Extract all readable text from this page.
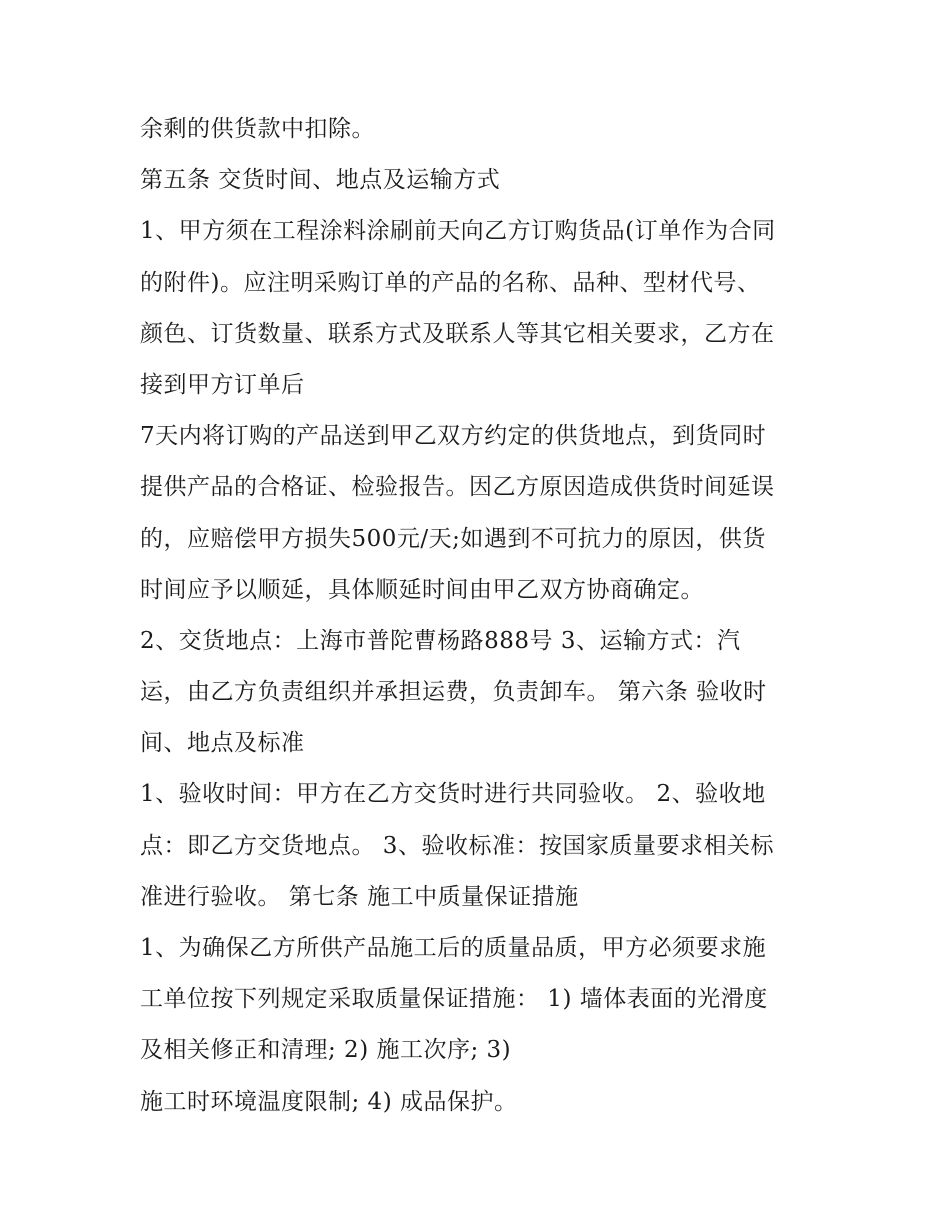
余剩的供货款中扣除。
第五条 交货时间、地点及运输方式
1、甲方须在工程涂料涂刷前天向乙方订购货品(订单作为合同
的附件)。应注明采购订单的产品的名称、品种、型材代号、
颜色、订货数量、联系方式及联系人等其它相关要求，乙方在
接到甲方订单后
7天内将订购的产品送到甲乙双方约定的供货地点，到货同时
提供产品的合格证、检验报告。因乙方原因造成供货时间延误
的，应赔偿甲方损失500元/天;如遇到不可抗力的原因，供货
时间应予以顺延，具体顺延时间由甲乙双方协商确定。
2、交货地点：上海市普陀曹杨路888号 3、运输方式：汽
运，由乙方负责组织并承担运费，负责卸车。 第六条 验收时
间、地点及标准
1、验收时间：甲方在乙方交货时进行共同验收。 2、验收地
点：即乙方交货地点。 3、验收标准：按国家质量要求相关标
准进行验收。 第七条 施工中质量保证措施
1、为确保乙方所供产品施工后的质量品质，甲方必须要求施
工单位按下列规定采取质量保证措施： 1) 墙体表面的光滑度
及相关修正和清理; 2) 施工次序; 3)
施工时环境温度限制; 4) 成品保护。
